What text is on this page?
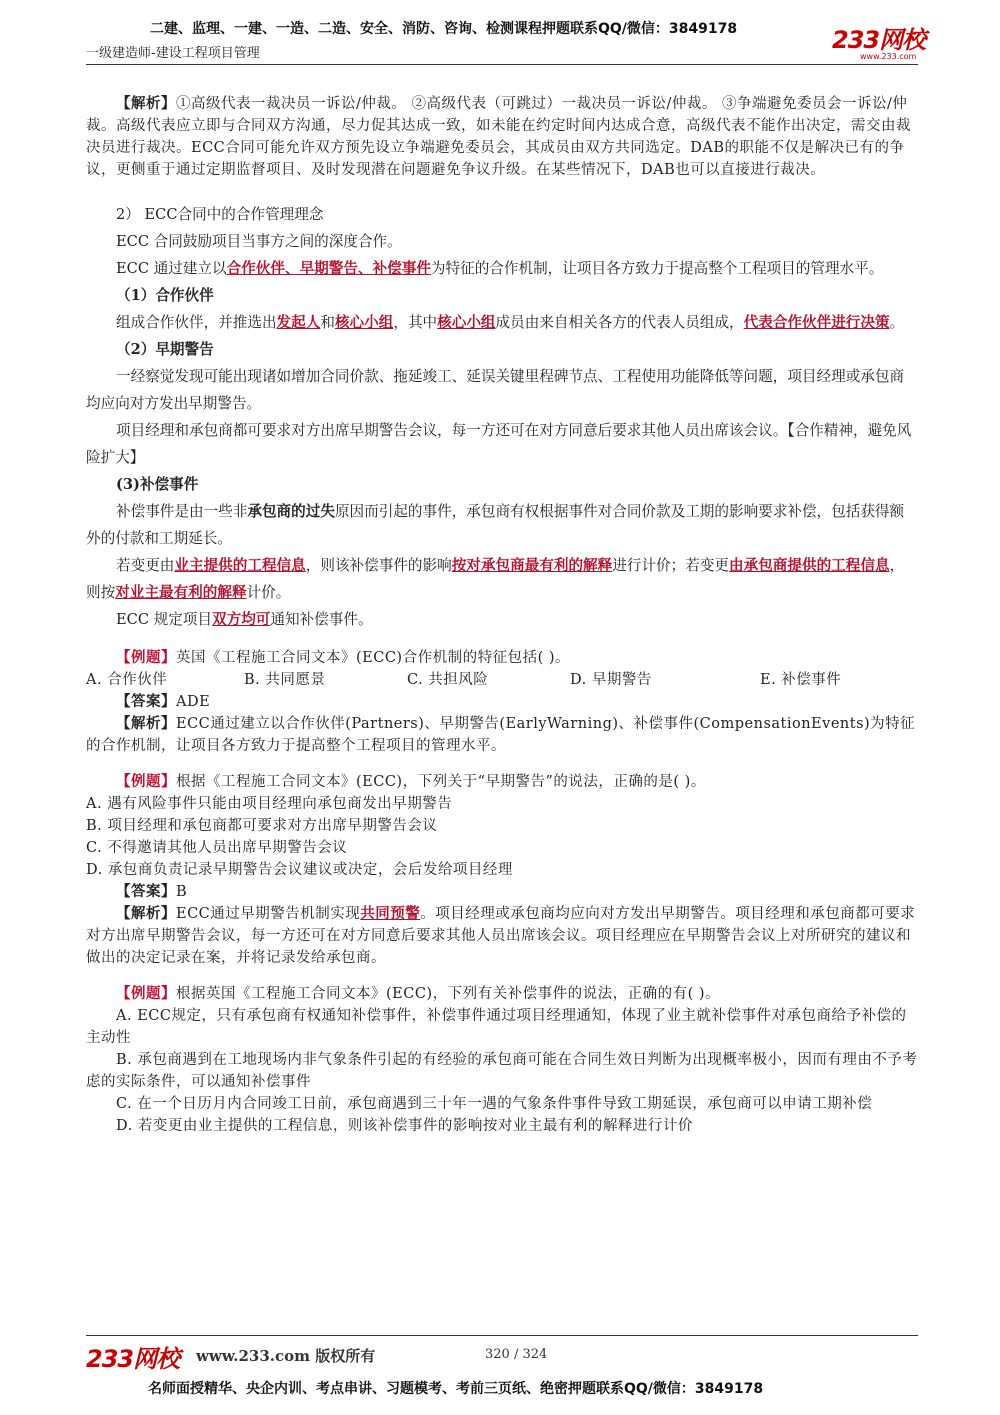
二建、监理、一建、一造、二造、安全、消防、咨询、检测课程押题联系QQ/微信：3849178
一级建造师-建设工程项目管理	233网校
www.233.com

【解析】①高级代表一裁决员一诉讼/仲裁。 ②高级代表（可跳过）一裁决员一诉讼/仲裁。 ③争端避免委员会一诉讼/仲裁。高级代表应立即与合同双方沟通，尽力促其达成一致，如未能在约定时间内达成合意，高级代表不能作出决定，需交由裁决员进行裁决。ECC合同可能允许双方预先设立争端避免委员会，其成员由双方共同选定。DAB的职能不仅是解决已有的争议，更侧重于通过定期监督项目、及时发现潜在问题避免争议升级。在某些情况下，DAB也可以直接进行裁决。

2） ECC合同中的合作管理理念

ECC 合同鼓励项目当事方之间的深度合作。

ECC 通过建立以合作伙伴、早期警告、补偿事件为特征的合作机制，让项目各方致力于提高整个工程项目的管理水平。

（1）合作伙伴

组成合作伙伴，并推选出发起人和核心小组，其中核心小组成员由来自相关各方的代表人员组成，代表合作伙伴进行决策。

（2）早期警告

一经察觉发现可能出现诸如增加合同价款、拖延竣工、延误关键里程碑节点、工程使用功能降低等问题，项目经理或承包商均应向对方发出早期警告。

项目经理和承包商都可要求对方出席早期警告会议，每一方还可在对方同意后要求其他人员出席该会议。【合作精神，避免风险扩大】

(3)补偿事件

补偿事件是由一些非承包商的过失原因而引起的事件，承包商有权根据事件对合同价款及工期的影响要求补偿，包括获得额外的付款和工期延长。

若变更由业主提供的工程信息，则该补偿事件的影响按对承包商最有利的解释进行计价；若变更由承包商提供的工程信息，则按对业主最有利的解释计价。

ECC 规定项目双方均可通知补偿事件。

【例题】英国《工程施工合同文本》(ECC)合作机制的特征包括( )。

A. 合作伙伴	B. 共同愿景	C. 共担风险	D. 早期警告	E. 补偿事件

【答案】ADE

【解析】ECC通过建立以合作伙伴(Partners)、早期警告(EarlyWarning)、补偿事件(CompensationEvents)为特征的合作机制，让项目各方致力于提高整个工程项目的管理水平。

【例题】根据《工程施工合同文本》(ECC)，下列关于“早期警告”的说法，正确的是( )。

A. 遇有风险事件只能由项目经理向承包商发出早期警告

B. 项目经理和承包商都可要求对方出席早期警告会议

C. 不得邀请其他人员出席早期警告会议

D. 承包商负责记录早期警告会议建议或决定，会后发给项目经理

【答案】B

【解析】ECC通过早期警告机制实现共同预警。项目经理或承包商均应向对方发出早期警告。项目经理和承包商都可要求对方出席早期警告会议，每一方还可在对方同意后要求其他人员出席该会议。项目经理应在早期警告会议上对所研究的建议和做出的决定记录在案，并将记录发给承包商。

【例题】根据英国《工程施工合同文本》(ECC)，下列有关补偿事件的说法，正确的有( )。

A. ECC规定，只有承包商有权通知补偿事件，补偿事件通过项目经理通知，体现了业主就补偿事件对承包商给予补偿的主动性

B. 承包商遇到在工地现场内非气象条件引起的有经验的承包商可能在合同生效日判断为出现概率极小，因而有理由不予考虑的实际条件，可以通知补偿事件

C. 在一个日历月内合同竣工日前，承包商遇到三十年一遇的气象条件事件导致工期延误，承包商可以申请工期补偿

D. 若变更由业主提供的工程信息，则该补偿事件的影响按对业主最有利的解释进行计价

233网校 www.233.com 版权所有	320 / 324
名师面授精华、央企内训、考点串讲、习题模考、考前三页纸、绝密押题联系QQ/微信：3849178
